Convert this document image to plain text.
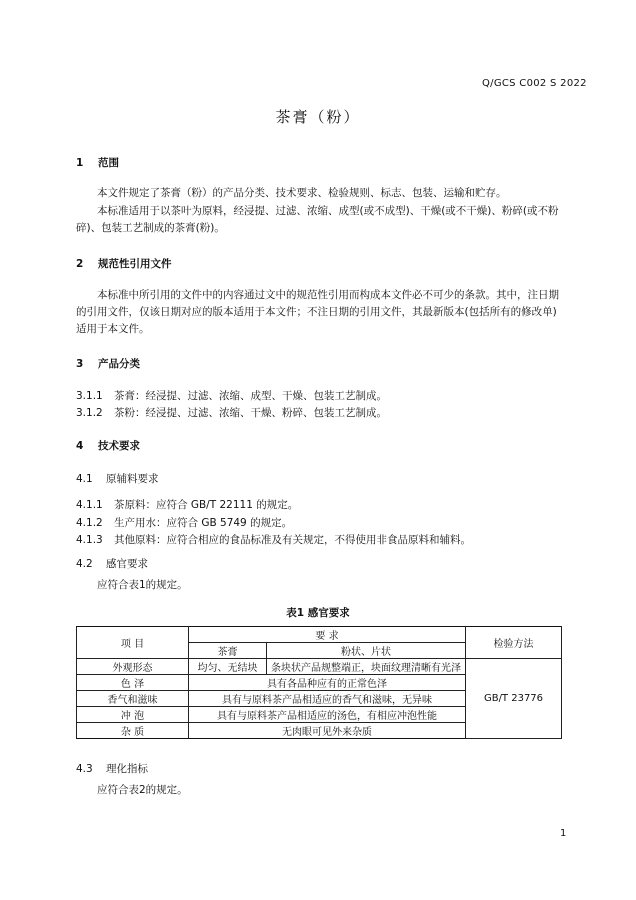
Q/GCS C002 S 2022
茶膏（粉）
1 范围
本文件规定了茶膏（粉）的产品分类、技术要求、检验规则、标志、包装、运输和贮存。
本标准适用于以茶叶为原料，经浸提、过滤、浓缩、成型(或不成型)、干燥(或不干燥)、粉碎(或不粉碎)、包装工艺制成的茶膏(粉)。
2 规范性引用文件
本标准中所引用的文件中的内容通过文中的规范性引用而构成本文件必不可少的条款。其中，注日期的引用文件，仅该日期对应的版本适用于本文件；不注日期的引用文件，其最新版本(包括所有的修改单)适用于本文件。
3 产品分类
3.1.1 茶膏：经浸提、过滤、浓缩、成型、干燥、包装工艺制成。
3.1.2 茶粉：经浸提、过滤、浓缩、干燥、粉碎、包装工艺制成。
4 技术要求
4.1 原辅料要求
4.1.1 茶原料：应符合 GB/T 22111 的规定。
4.1.2 生产用水：应符合 GB 5749 的规定。
4.1.3 其他原料：应符合相应的食品标准及有关规定，不得使用非食品原料和辅料。
4.2 感官要求
应符合表1的规定。
表1 感官要求
项 目	要 求		检验方法
	茶膏	粉状、片状	
外观形态	均匀、无结块	条块状产品规整端正，块面纹理清晰有光泽	GB/T 23776
色 泽	具有各品种应有的正常色泽		
香气和滋味	具有与原料茶产品相适应的香气和滋味，无异味		
冲 泡	具有与原料茶产品相适应的汤色，有相应冲泡性能		
杂 质	无肉眼可见外来杂质		
4.3 理化指标
应符合表2的规定。
1
